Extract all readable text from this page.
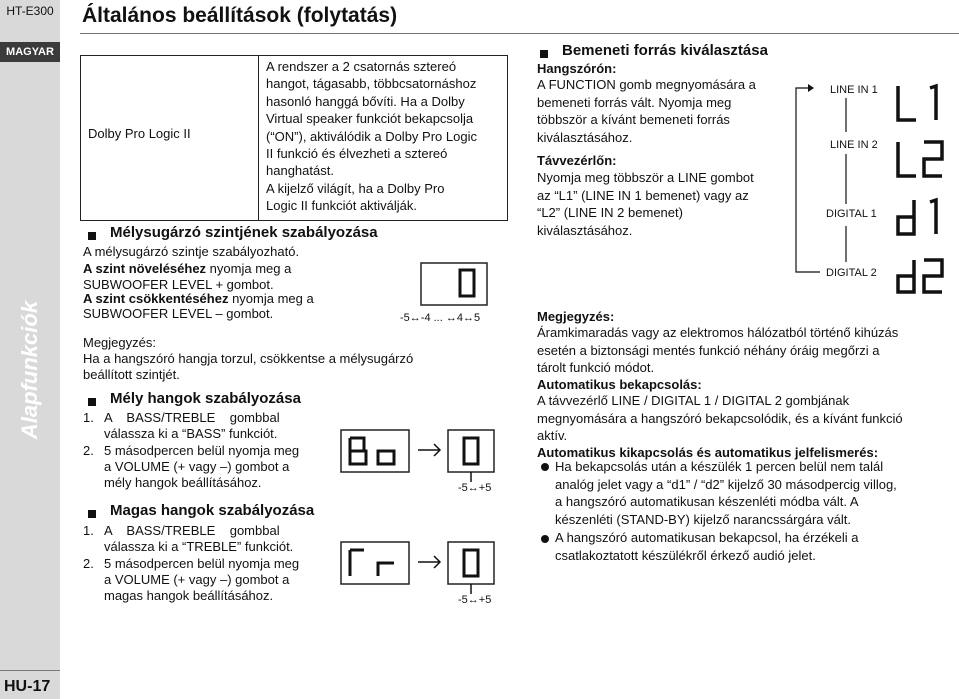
HT-E300
MAGYAR
Alapfunkciók
HU-17
Általános beállítások (folytatás)
Dolby Pro Logic II
A rendszer a 2 csatornás sztereó
hangot, tágasabb, többcsatornáshoz
hasonló hanggá bővíti. Ha a Dolby
Virtual speaker funkciót bekapcsolja
(“ON”), aktiválódik a Dolby Pro Logic
II funkció és élvezheti a sztereó
hanghatást.
A kijelző világít, ha a Dolby Pro
Logic II funkciót aktiválják.
Mélysugárzó szintjének szabályozása
A mélysugárzó szintje szabályozható.
A szint növeléséhez nyomja meg a
SUBWOOFER LEVEL + gombot.
A szint csökkentéséhez nyomja meg a
SUBWOOFER LEVEL – gombot.	-5↔-4 ... ↔4↔5
Megjegyzés:
Ha a hangszóró hangja torzul, csökkentse a mélysugárzó
beállított szintjét.
Mély hangok szabályozása
1. A    BASS/TREBLE    gombbal
válassza ki a “BASS” funkciót.
2. 5 másodpercen belül nyomja meg
a VOLUME (+ vagy –) gombot a
mély hangok beállításához.	-5↔+5
Magas hangok szabályozása
1. A    BASS/TREBLE    gombbal
válassza ki a “TREBLE” funkciót.
2. 5 másodpercen belül nyomja meg
a VOLUME (+ vagy –) gombot a
magas hangok beállításához.	-5↔+5
Bemeneti forrás kiválasztása
Hangszórón:
A FUNCTION gomb megnyomására a
bemeneti forrás vált. Nyomja meg
többször a kívánt bemeneti forrás
kiválasztásához.
Távvezérlőn:
Nyomja meg többször a LINE gombot
az “L1” (LINE IN 1 bemenet) vagy az
“L2” (LINE IN 2 bemenet)
kiválasztásához.
LINE IN 1
LINE IN 2
DIGITAL 1
DIGITAL 2
Megjegyzés:
Áramkimaradás vagy az elektromos hálózatból történő kihúzás
esetén a biztonsági mentés funkció néhány óráig megőrzi a
tárolt funkció módot.
Automatikus bekapcsolás:
A távvezérlő LINE / DIGITAL 1 / DIGITAL 2 gombjának
megnyomására a hangszóró bekapcsolódik, és a kívánt funkció
aktív.
Automatikus kikapcsolás és automatikus jelfelismerés:
Ha bekapcsolás után a készülék 1 percen belül nem talál
analóg jelet vagy a “d1” / “d2” kijelző 30 másodpercig villog,
a hangszóró automatikusan készenléti módba vált. A
készenléti (STAND-BY) kijelző narancssárgára vált.
A hangszóró automatikusan bekapcsol, ha érzékeli a
csatlakoztatott készülékről érkező audió jelet.
